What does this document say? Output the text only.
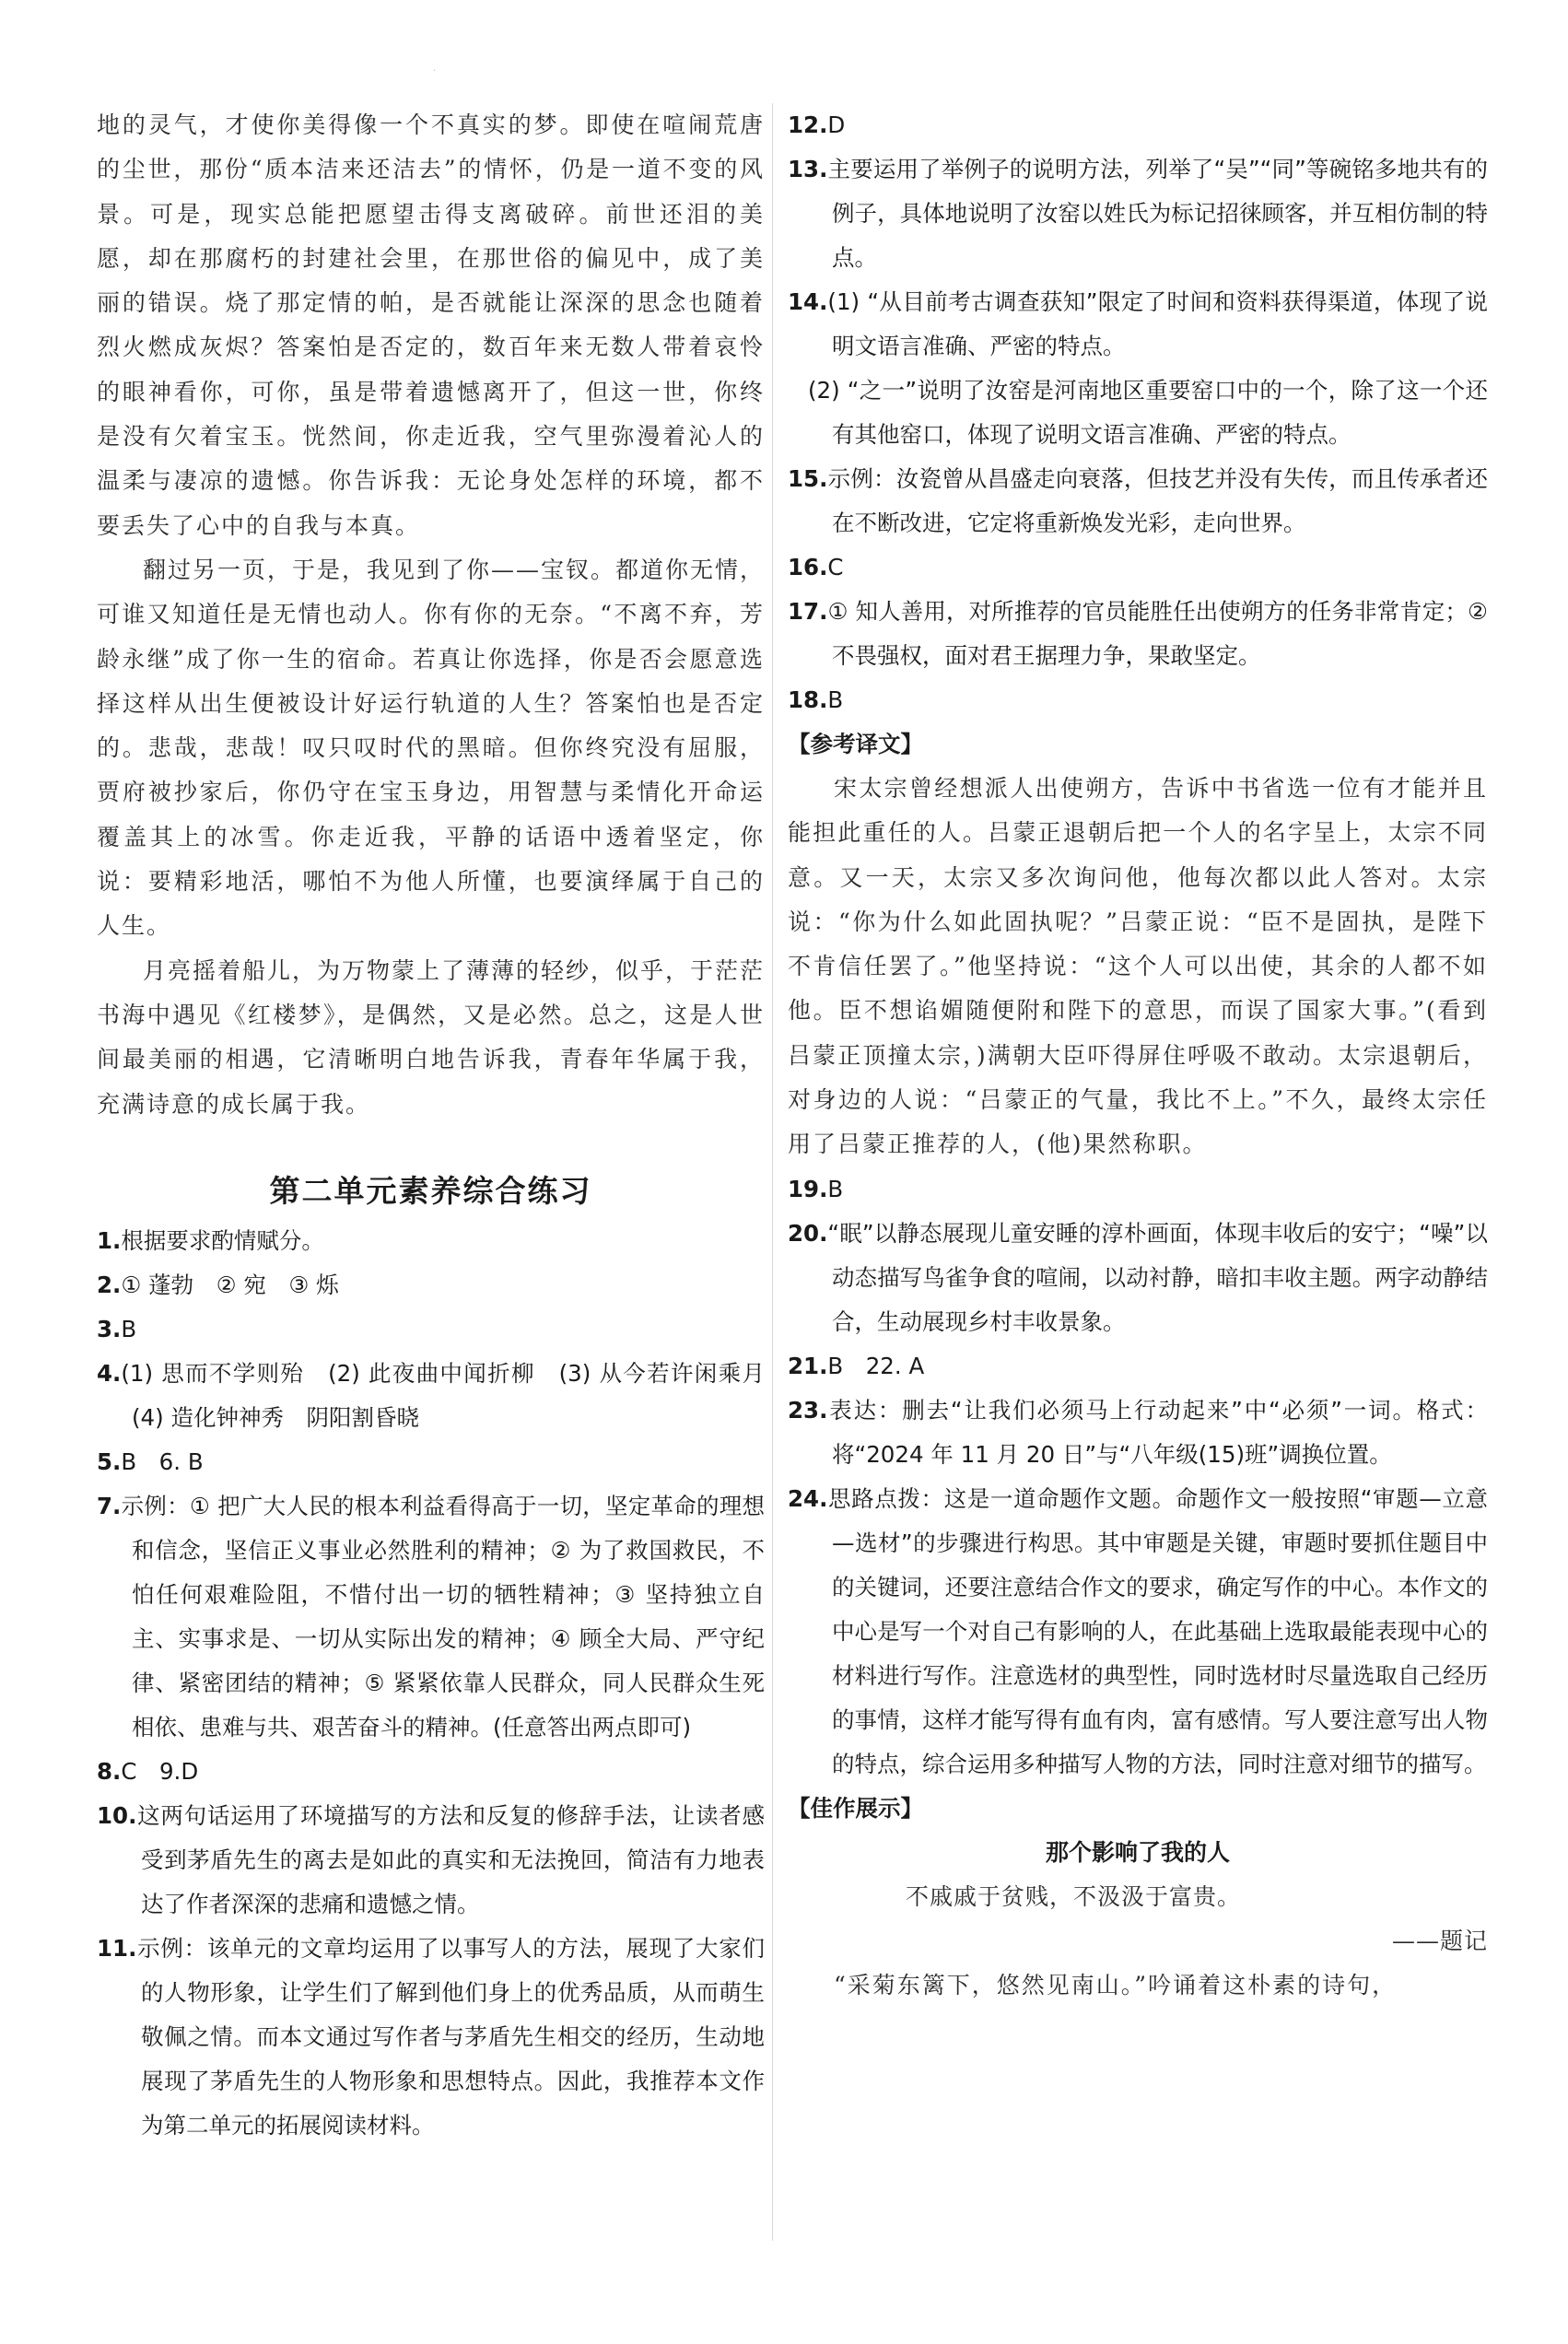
·

地的灵气，才使你美得像一个不真实的梦。即使在喧闹荒唐的尘世，那份“质本洁来还洁去”的情怀，仍是一道不变的风景。可是，现实总能把愿望击得支离破碎。前世还泪的美愿，却在那腐朽的封建社会里，在那世俗的偏见中，成了美丽的错误。烧了那定情的帕，是否就能让深深的思念也随着烈火燃成灰烬？答案怕是否定的，数百年来无数人带着哀怜的眼神看你，可你，虽是带着遗憾离开了，但这一世，你终是没有欠着宝玉。恍然间，你走近我，空气里弥漫着沁人的温柔与凄凉的遗憾。你告诉我：无论身处怎样的环境，都不要丢失了心中的自我与本真。

翻过另一页，于是，我见到了你——宝钗。都道你无情，可谁又知道任是无情也动人。你有你的无奈。“不离不弃，芳龄永继”成了你一生的宿命。若真让你选择，你是否会愿意选择这样从出生便被设计好运行轨道的人生？答案怕也是否定的。悲哉，悲哉！叹只叹时代的黑暗。但你终究没有屈服，贾府被抄家后，你仍守在宝玉身边，用智慧与柔情化开命运覆盖其上的冰雪。你走近我，平静的话语中透着坚定，你说：要精彩地活，哪怕不为他人所懂，也要演绎属于自己的人生。

月亮摇着船儿，为万物蒙上了薄薄的轻纱，似乎，于茫茫书海中遇见《红楼梦》，是偶然，又是必然。总之，这是人世间最美丽的相遇，它清晰明白地告诉我，青春年华属于我，充满诗意的成长属于我。

第二单元素养综合练习

1.根据要求酌情赋分。

2.① 蓬勃　② 宛　③ 烁

3.B

4.(1) 思而不学则殆　(2) 此夜曲中闻折柳　(3) 从今若许闲乘月　(4) 造化钟神秀　阴阳割昏晓

5.B　6. B

7.示例：① 把广大人民的根本利益看得高于一切，坚定革命的理想和信念，坚信正义事业必然胜利的精神；② 为了救国救民，不怕任何艰难险阻，不惜付出一切的牺牲精神；③ 坚持独立自主、实事求是、一切从实际出发的精神；④ 顾全大局、严守纪律、紧密团结的精神；⑤ 紧紧依靠人民群众，同人民群众生死相依、患难与共、艰苦奋斗的精神。(任意答出两点即可)

8.C　9.D

10.这两句话运用了环境描写的方法和反复的修辞手法，让读者感受到茅盾先生的离去是如此的真实和无法挽回，简洁有力地表达了作者深深的悲痛和遗憾之情。

11.示例：该单元的文章均运用了以事写人的方法，展现了大家们的人物形象，让学生们了解到他们身上的优秀品质，从而萌生敬佩之情。而本文通过写作者与茅盾先生相交的经历，生动地展现了茅盾先生的人物形象和思想特点。因此，我推荐本文作为第二单元的拓展阅读材料。

12.D

13.主要运用了举例子的说明方法，列举了“吴”“同”等碗铭多地共有的例子，具体地说明了汝窑以姓氏为标记招徕顾客，并互相仿制的特点。

14.(1) “从目前考古调查获知”限定了时间和资料获得渠道，体现了说明文语言准确、严密的特点。

(2) “之一”说明了汝窑是河南地区重要窑口中的一个，除了这一个还有其他窑口，体现了说明文语言准确、严密的特点。

15.示例：汝瓷曾从昌盛走向衰落，但技艺并没有失传，而且传承者还在不断改进，它定将重新焕发光彩，走向世界。

16.C

17.① 知人善用，对所推荐的官员能胜任出使朔方的任务非常肯定；② 不畏强权，面对君王据理力争，果敢坚定。

18.B

【参考译文】

宋太宗曾经想派人出使朔方，告诉中书省选一位有才能并且能担此重任的人。吕蒙正退朝后把一个人的名字呈上，太宗不同意。又一天，太宗又多次询问他，他每次都以此人答对。太宗说：“你为什么如此固执呢？”吕蒙正说：“臣不是固执，是陛下不肯信任罢了。”他坚持说：“这个人可以出使，其余的人都不如他。臣不想谄媚随便附和陛下的意思，而误了国家大事。”(看到吕蒙正顶撞太宗，)满朝大臣吓得屏住呼吸不敢动。太宗退朝后，对身边的人说：“吕蒙正的气量，我比不上。”不久，最终太宗任用了吕蒙正推荐的人，(他)果然称职。

19.B

20.“眠”以静态展现儿童安睡的淳朴画面，体现丰收后的安宁；“噪”以动态描写鸟雀争食的喧闹，以动衬静，暗扣丰收主题。两字动静结合，生动展现乡村丰收景象。

21.B　22. A

23.表达：删去“让我们必须马上行动起来”中“必须”一词。格式：将“2024 年 11 月 20 日”与“八年级(15)班”调换位置。

24.思路点拨：这是一道命题作文题。命题作文一般按照“审题—立意—选材”的步骤进行构思。其中审题是关键，审题时要抓住题目中的关键词，还要注意结合作文的要求，确定写作的中心。本作文的中心是写一个对自己有影响的人，在此基础上选取最能表现中心的材料进行写作。注意选材的典型性，同时选材时尽量选取自己经历的事情，这样才能写得有血有肉，富有感情。写人要注意写出人物的特点，综合运用多种描写人物的方法，同时注意对细节的描写。

【佳作展示】

那个影响了我的人

不戚戚于贫贱，不汲汲于富贵。

——题记

“采菊东篱下，悠然见南山。”吟诵着这朴素的诗句，
